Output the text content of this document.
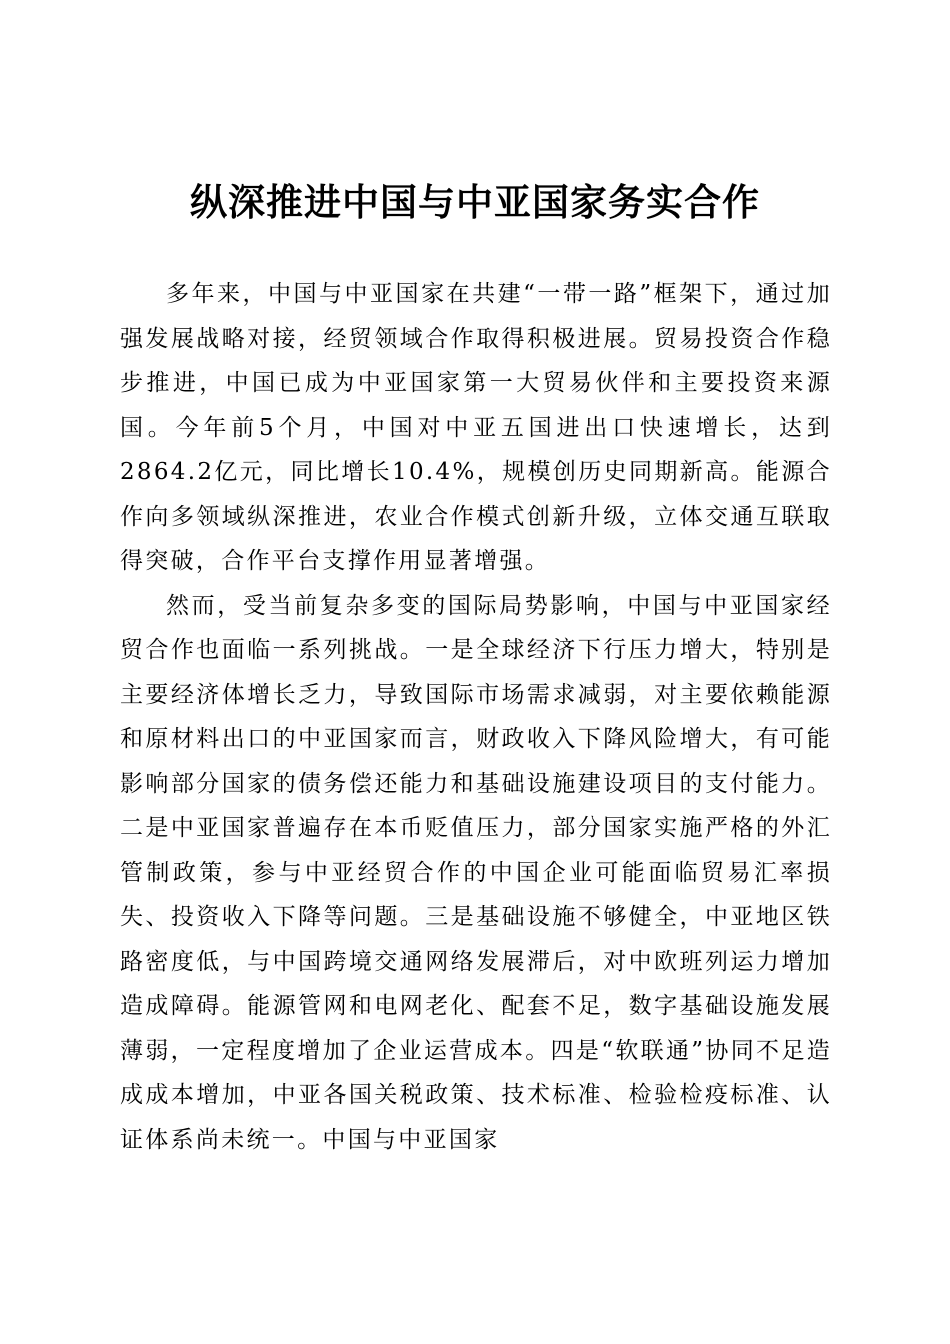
纵深推进中国与中亚国家务实合作

多年来，中国与中亚国家在共建“一带一路”框架下，通过加强发展战略对接，经贸领域合作取得积极进展。贸易投资合作稳步推进，中国已成为中亚国家第一大贸易伙伴和主要投资来源国。今年前5个月，中国对中亚五国进出口快速增长，达到2864.2亿元，同比增长10.4%，规模创历史同期新高。能源合作向多领域纵深推进，农业合作模式创新升级，立体交通互联取得突破，合作平台支撑作用显著增强。

然而，受当前复杂多变的国际局势影响，中国与中亚国家经贸合作也面临一系列挑战。一是全球经济下行压力增大，特别是主要经济体增长乏力，导致国际市场需求减弱，对主要依赖能源和原材料出口的中亚国家而言，财政收入下降风险增大，有可能影响部分国家的债务偿还能力和基础设施建设项目的支付能力。二是中亚国家普遍存在本币贬值压力，部分国家实施严格的外汇管制政策，参与中亚经贸合作的中国企业可能面临贸易汇率损失、投资收入下降等问题。三是基础设施不够健全，中亚地区铁路密度低，与中国跨境交通网络发展滞后，对中欧班列运力增加造成障碍。能源管网和电网老化、配套不足，数字基础设施发展薄弱，一定程度增加了企业运营成本。四是“软联通”协同不足造成成本增加，中亚各国关税政策、技术标准、检验检疫标准、认证体系尚未统一。中国与中亚国家
